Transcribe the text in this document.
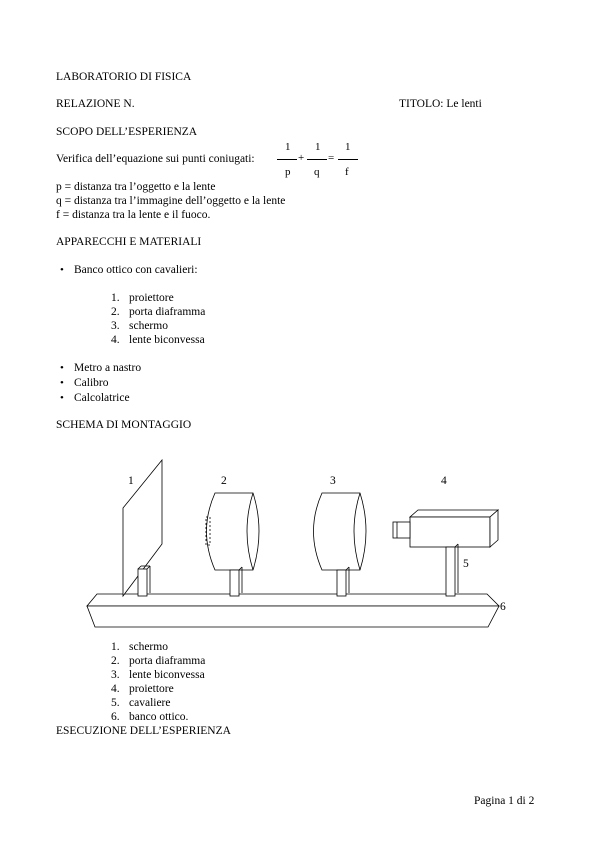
LABORATORIO DI FISICA
RELAZIONE N.	TITOLO: Le lenti
SCOPO DELL’ESPERIENZA
Verifica dell’equazione sui punti coniugati:
1
p
+
1
q
=
1
f
p = distanza tra l’oggetto e la lente
q = distanza tra l’immagine dell’oggetto e la lente
f = distanza tra la lente e il fuoco.
APPARECCHI E MATERIALI
• Banco ottico con cavalieri:
1. proiettore
2. porta diaframma
3. schermo
4. lente biconvessa
• Metro a nastro
• Calibro
• Calcolatrice
SCHEMA DI MONTAGGIO
1	2	3	4
5
6
1. schermo
2. porta diaframma
3. lente biconvessa
4. proiettore
5. cavaliere
6. banco ottico.
ESECUZIONE DELL’ESPERIENZA
Pagina 1 di 2
